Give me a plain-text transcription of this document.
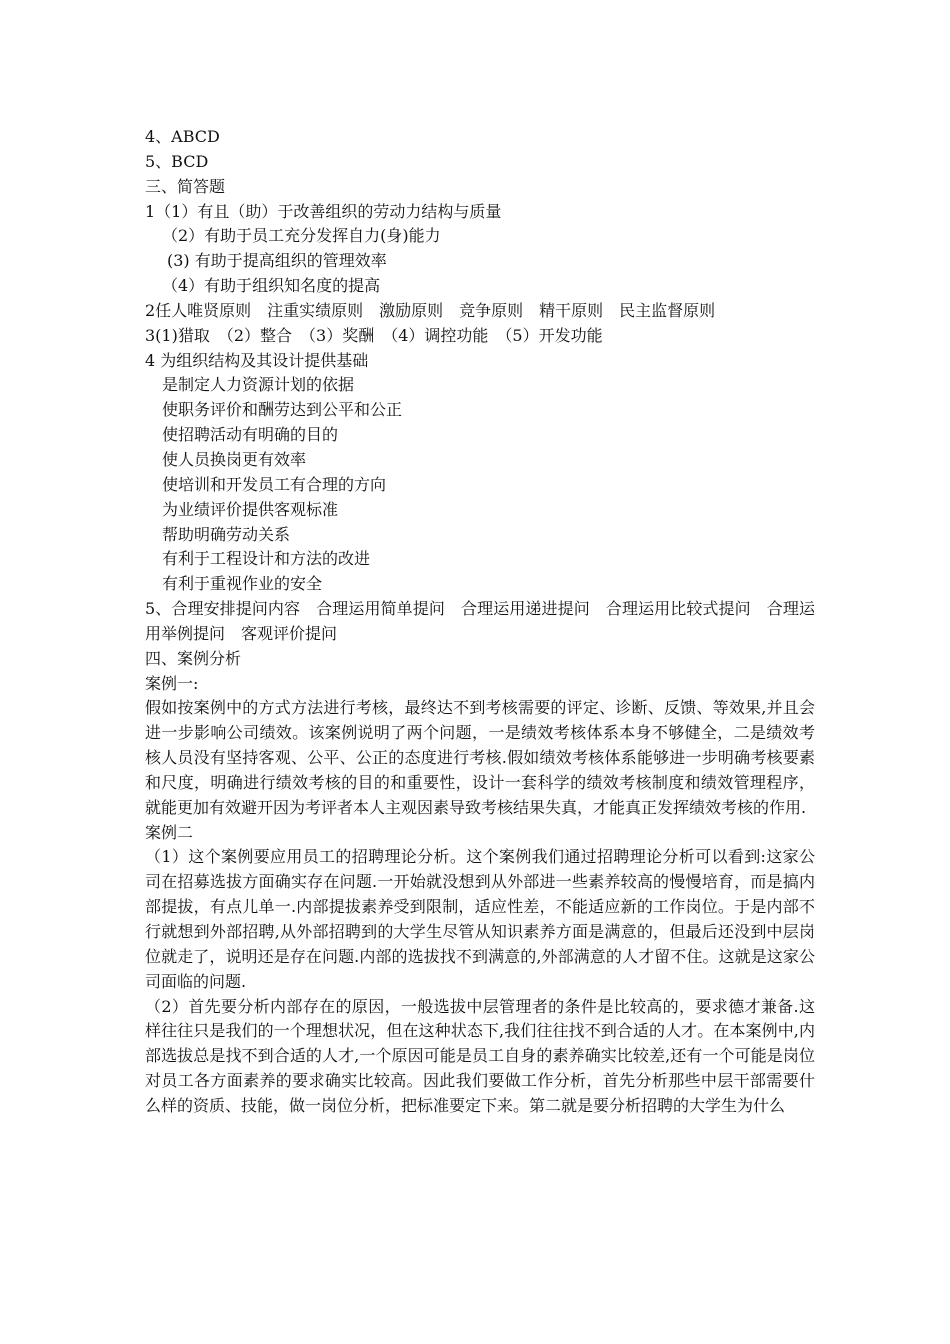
4、ABCD
5、BCD
三、简答题
1（1）有且（助）于改善组织的劳动力结构与质量
（2）有助于员工充分发挥自力(身)能力
(3) 有助于提高组织的管理效率
（4）有助于组织知名度的提高
2任人唯贤原则　注重实绩原则　激励原则　竞争原则　精干原则　民主监督原则
3(1)猎取　（2）整合　（3）奖酬　（4）调控功能　（5）开发功能
4 为组织结构及其设计提供基础
是制定人力资源计划的依据
使职务评价和酬劳达到公平和公正
使招聘活动有明确的目的
使人员换岗更有效率
使培训和开发员工有合理的方向
为业绩评价提供客观标准
帮助明确劳动关系
有利于工程设计和方法的改进
有利于重视作业的安全
5、合理安排提问内容　合理运用简单提问　合理运用递进提问　合理运用比较式提问　合理运用举例提问　客观评价提问
四、案例分析
案例一:
假如按案例中的方式方法进行考核，最终达不到考核需要的评定、诊断、反馈、等效果,并且会进一步影响公司绩效。该案例说明了两个问题，一是绩效考核体系本身不够健全，二是绩效考核人员没有坚持客观、公平、公正的态度进行考核.假如绩效考核体系能够进一步明确考核要素和尺度，明确进行绩效考核的目的和重要性，设计一套科学的绩效考核制度和绩效管理程序，就能更加有效避开因为考评者本人主观因素导致考核结果失真，才能真正发挥绩效考核的作用.
案例二
（1）这个案例要应用员工的招聘理论分析。这个案例我们通过招聘理论分析可以看到:这家公司在招募选拔方面确实存在问题.一开始就没想到从外部进一些素养较高的慢慢培育，而是搞内部提拔，有点儿单一.内部提拔素养受到限制，适应性差，不能适应新的工作岗位。于是内部不行就想到外部招聘,从外部招聘到的大学生尽管从知识素养方面是满意的，但最后还没到中层岗位就走了，说明还是存在问题.内部的选拔找不到满意的,外部满意的人才留不住。这就是这家公司面临的问题.
（2）首先要分析内部存在的原因，一般选拔中层管理者的条件是比较高的，要求德才兼备.这样往往只是我们的一个理想状况，但在这种状态下,我们往往找不到合适的人才。在本案例中,内部选拔总是找不到合适的人才,一个原因可能是员工自身的素养确实比较差,还有一个可能是岗位对员工各方面素养的要求确实比较高。因此我们要做工作分析，首先分析那些中层干部需要什么样的资质、技能，做一岗位分析，把标准要定下来。第二就是要分析招聘的大学生为什么
